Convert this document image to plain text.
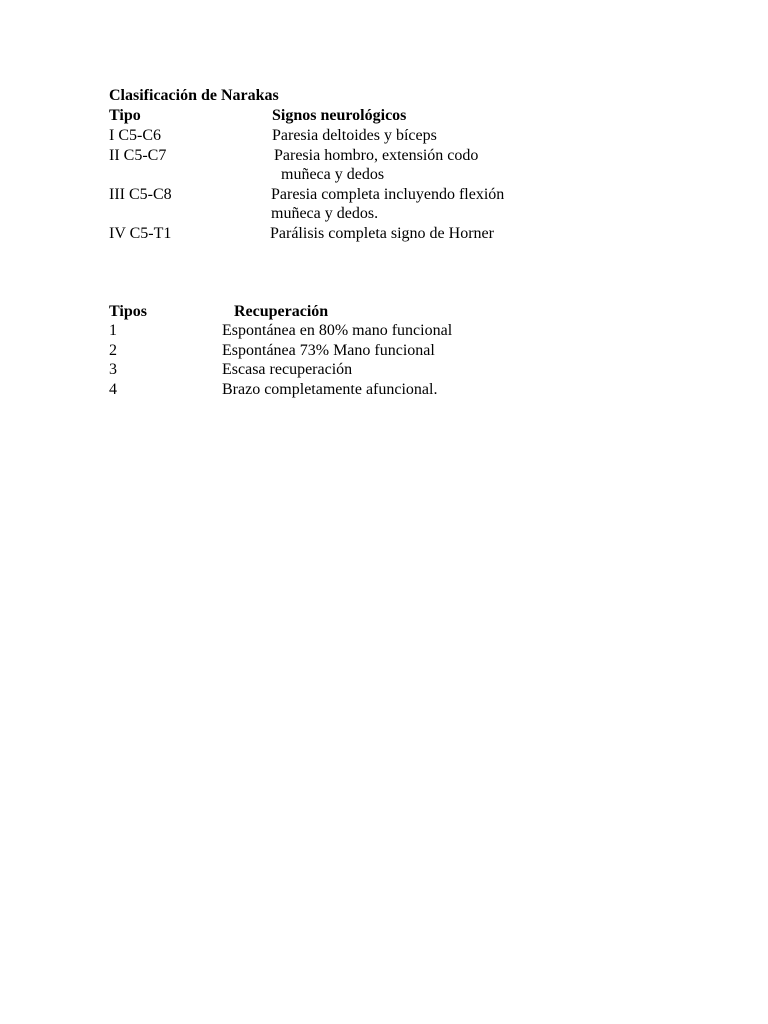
Clasificación de Narakas
Tipo	Signos neurológicos
I C5-C6	Paresia deltoides y bíceps
II C5-C7	Paresia hombro, extensión codo
muñeca y dedos
III C5-C8	Paresia completa incluyendo flexión
muñeca y dedos.
IV C5-T1	Parálisis completa signo de Horner
Tipos	Recuperación
1	Espontánea en 80% mano funcional
2	Espontánea 73% Mano funcional
3	Escasa recuperación
4	Brazo completamente afuncional.
